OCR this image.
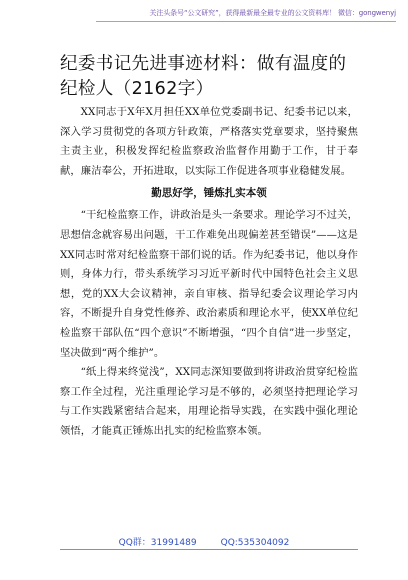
关注头条号“公文研究”，获得最新最全最专业的公文资料库！ 微信：gongwenyj
纪委书记先进事迹材料：做有温度的纪检人（2162字）

XX同志于X年X月担任XX单位党委副书记、纪委书记以来，深入学习贯彻党的各项方针政策，严格落实党章要求，坚持聚焦主责主业，积极发挥纪检监察政治监督作用勤于工作，甘于奉献，廉洁奉公，开拓进取，以实际工作促进各项事业稳健发展。

勤思好学，锤炼扎实本领

“干纪检监察工作，讲政治是头一条要求。理论学习不过关，思想信念就容易出问题，干工作难免出现偏差甚至错误”——这是XX同志时常对纪检监察干部们说的话。作为纪委书记，他以身作则，身体力行，带头系统学习习近平新时代中国特色社会主义思想，党的XX大会议精神，亲自审核、指导纪委会议理论学习内容，不断提升自身党性修养、政治素质和理论水平，使XX单位纪检监察干部队伍“四个意识”不断增强，“四个自信”进一步坚定，坚决做到“两个维护”。

“纸上得来终觉浅”，XX同志深知要做到将讲政治贯穿纪检监察工作全过程，光注重理论学习是不够的，必须坚持把理论学习与工作实践紧密结合起来，用理论指导实践，在实践中强化理论领悟，才能真正锤炼出扎实的纪检监察本领。

QQ群：31991489	QQ:535304092
